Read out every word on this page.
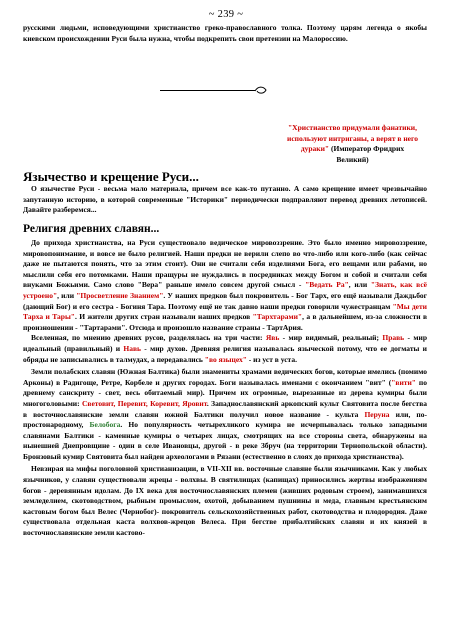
~ 239 ~

русскими людьми, исповедующими христианство греко-православного толка. Поэтому царям легенда о якобы киевском происхождении Руси была нужна, чтобы подкрепить свои претензии на Малороссию.

"Христианство придумали фанатики, используют интриганы, а верят в него дураки" (Император Фридрих Великий)
Язычество и крещение Руси...

О язычестве Руси - весьма мало материала, причем все как-то путанно. А само крещение имеет чрезвычайно запутанную историю, в которой современные "Историки" периодически подправляют перевод древних летописей. Давайте разберемся...

Религия древних славян...

До прихода христианства, на Руси существовало ведическое мировоззрение. Это было именно мировоззрение, мировопонимание, и вовсе не было религией. Наши предки не верили слепо во что-либо или кого-либо (как сейчас даже не пытаются понять, что за этим стоит). Они не считали себя изделиями Бога, его вещами или рабами, но мыслили себя его потомками. Наши пращуры не нуждались в посредниках между Богом и собой и считали себя внуками Божьими. Само слово "Вера" раньше имело совсем другой смысл - "Ведать Ра", или "Знать, как всё устроено", или "Просветление Знанием". У наших предков был покровитель - Бог Тарх, его ещё называли Даждьбог (дающий Бог) и его сестра - Богиня Тара. Поэтому ещё не так давно наши предки говорили чужестранцам "Мы дети Тарха и Тары". И жители других стран называли наших предков "Тархтарами", а в дальнейшем, из-за сложности в произношении - "Тартарами". Отсюда и произошло название страны - ТартАрия.

Вселенная, по мнению древних русов, разделялась на три части: Явь - мир видимый, реальный; Правь - мир идеальный (правильный) и Навь - мир духов. Древняя религия называлась языческой потому, что ее догматы и обряды не записывались в талмудах, а передавались "во языцех" - из уст в уста.

Земли полабских славян (Южная Балтика) были знамениты храмами ведических богов, которые имелись (помимо Арконы) в Радигоще, Ретре, Корбеле и других городах. Боги называлась именами с окончанием "вит" ("вити" по древнему санскриту - свет, весь обитаемый мир). Причем их огромные, вырезанные из дерева кумиры были многоголовыми: Световит, Перевит, Коревит, Яровит. Западнославянский аркопский культ Святовита после бегства в восточнославянские земли славян южной Балтики получил новое название - культа Перуна или, по-простонародному, Белобога. Но популярность четырехликого кумира не исчерпывалась только западными славянами Балтики - каменные кумиры о четырех лицах, смотрящих на все стороны света, обнаружены на нынешней Днепровщине - один в селе Ивановцы, другой - в реке Збруч (на территории Тернопольской области). Бронзовый кумир Святовита был найден археологами в Рязани (естественно в слоях до прихода христианства).

Невзирая на мифы поголовной христианизации, в VII-XII вв. восточные славяне были язычниками. Как у любых язычников, у славян существовали жрецы - волхвы. В святилищах (капищах) приносились жертвы изображениям богов - деревянным идолам. До IX века для восточнославянских племен (живших родовым строем), занимавшихся земледелием, скотоводством, рыбным промыслом, охотой, добыванием пушнины и меда, главным крестьянским кастовым богом был Велес (Чернобог)- покровитель сельскохозяйственных работ, скотоводства и плодородия. Даже существовала отдельная каста волхвов-жрецов Велеса. При бегстве прибалтийских славян и их князей в восточнославянские земли кастово-
